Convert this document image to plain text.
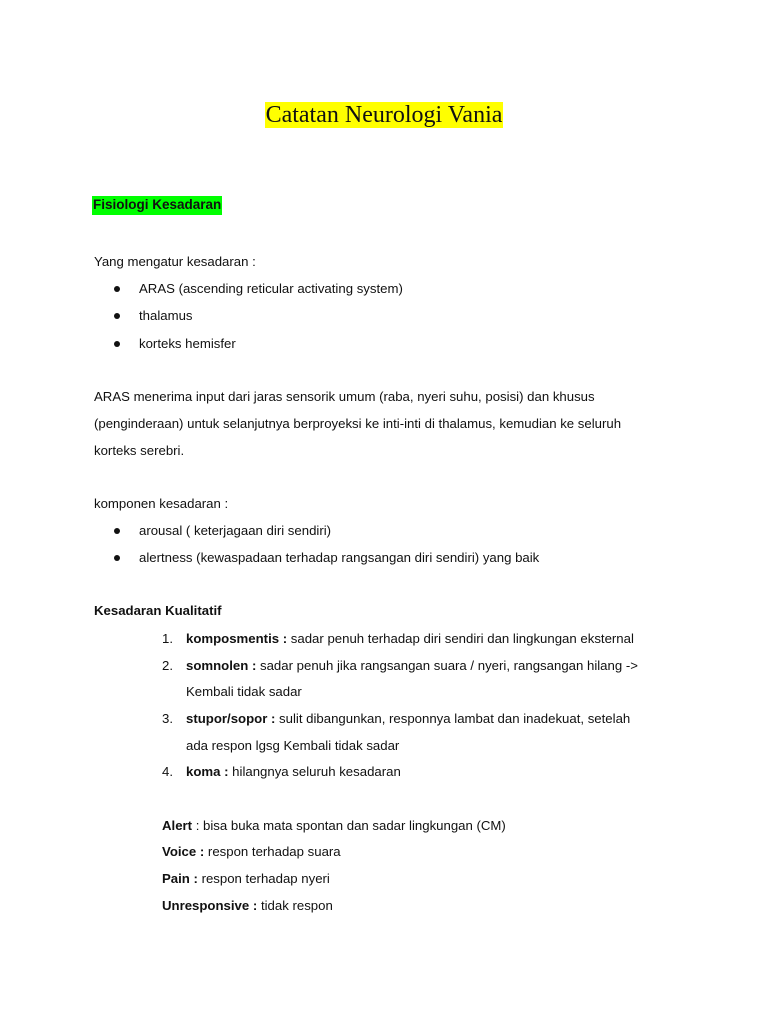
Catatan Neurologi Vania
Fisiologi Kesadaran
Yang mengatur kesadaran :
ARAS (ascending reticular activating system)
thalamus
korteks hemisfer
ARAS menerima input dari jaras sensorik umum (raba, nyeri suhu, posisi) dan khusus
(penginderaan) untuk selanjutnya berproyeksi ke inti-inti di thalamus, kemudian ke seluruh
korteks serebri.
komponen kesadaran :
arousal ( keterjagaan diri sendiri)
alertness (kewaspadaan terhadap rangsangan diri sendiri) yang baik
Kesadaran Kualitatif
1. komposmentis : sadar penuh terhadap diri sendiri dan lingkungan eksternal
2. somnolen : sadar penuh jika rangsangan suara / nyeri, rangsangan hilang ->
Kembali tidak sadar
3. stupor/sopor : sulit dibangunkan, responnya lambat dan inadekuat, setelah
ada respon lgsg Kembali tidak sadar
4. koma : hilangnya seluruh kesadaran
Alert : bisa buka mata spontan dan sadar lingkungan (CM)
Voice : respon terhadap suara
Pain : respon terhadap nyeri
Unresponsive : tidak respon
